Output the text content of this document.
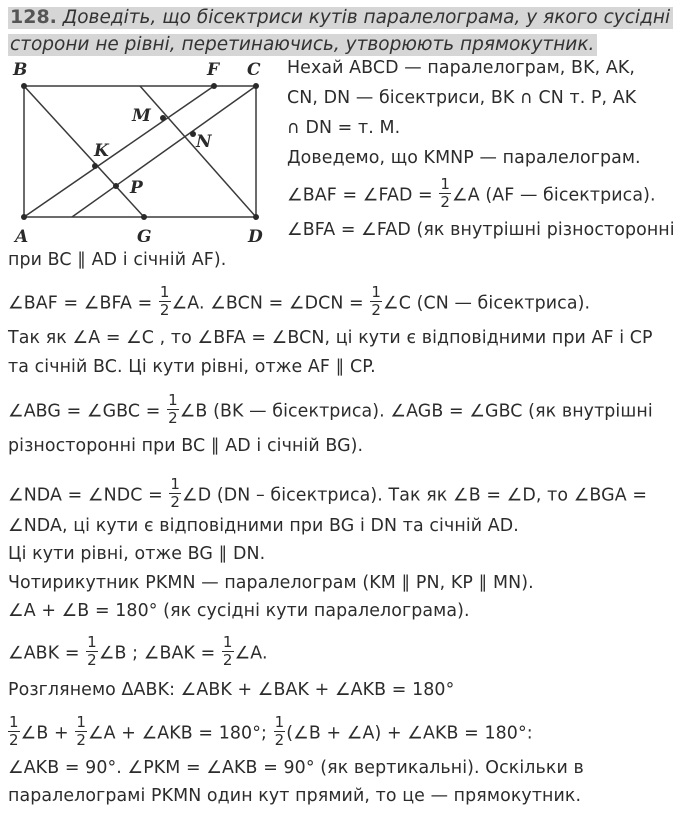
128. Доведіть, що бісектриси кутів паралелограма, у якого сусідні
сторони не рівні, перетинаючись, утворюють прямокутник.
B	F C
M
N
K
P
A	G	D
Нехай ABCD — паралелограм, BK, AK,
CN, DN — бісектриси, BK ∩ CN т. P, AK
∩ DN = т. M.
Доведемо, що KMNP — паралелограм.
∠BAF = ∠FAD = $\frac{1}{2}$ ∠A (AF — бісектриса).
∠BFA = ∠FAD (як внутрішні різносторонні
при BC ∥ AD і січній AF).
∠BAF = ∠BFA = $\frac{1}{2}$ ∠A. ∠BCN = ∠DCN = $\frac{1}{2}$ ∠C (CN — бісектриса).
Так як ∠A = ∠C , то ∠BFA = ∠BCN, ці кути є відповідними при AF і CP
та січній BC. Ці кути рівні, отже AF ∥ CP.
∠ABG = ∠GBC = $\frac{1}{2}$ ∠B (BK — бісектриса). ∠AGB = ∠GBC (як внутрішні
різносторонні при BC ∥ AD і січній BG).
∠NDA = ∠NDC = $\frac{1}{2}$ ∠D (DN – бісектриса). Так як ∠B = ∠D, то ∠BGA =
∠NDA, ці кути є відповідними при BG і DN та січній AD.
Ці кути рівні, отже BG ∥ DN.
Чотирикутник PKMN — паралелограм (KM ∥ PN, KP ∥ MN).
∠A + ∠B = 180° (як сусідні кути паралелограма).
∠ABK = $\frac{1}{2}$ ∠B ; ∠BAK = $\frac{1}{2}$ ∠A.
Розглянемо ΔABK: ∠ABK + ∠BAK + ∠AKB = 180°
$\frac{1}{2}$ ∠B + $\frac{1}{2}$ ∠A + ∠AKB = 180°; $\frac{1}{2}$ (∠B + ∠A) + ∠AKB = 180°:
∠AKB = 90°. ∠PKM = ∠AKB = 90° (як вертикальні). Оскільки в
паралелограмі PKMN один кут прямий, то це — прямокутник.
